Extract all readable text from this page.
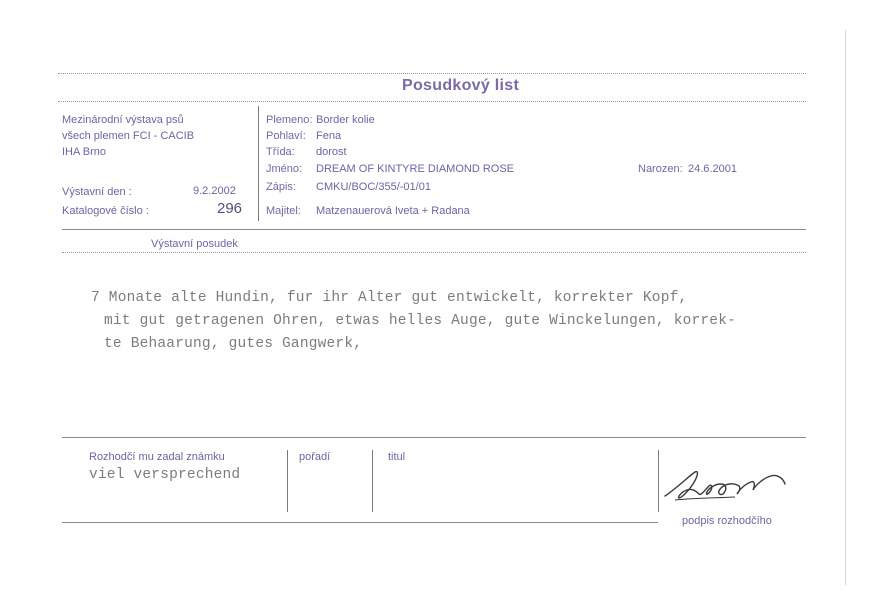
Posudkový list
Mezinárodní výstava psů
všech plemen FCI - CACIB
IHA Brno
Výstavní den :	9.2.2002
Katalogové číslo :	296
Plemeno: Border kolie
Pohlaví: Fena
Třída: dorost
Jméno: DREAM OF KINTYRE DIAMOND ROSE	Narozen: 24.6.2001
Zápis: CMKU/BOC/355/-01/01
Majitel: Matzenauerová Iveta + Radana
Výstavní posudek
7 Monate alte Hundin, fur ihr Alter gut entwickelt, korrekter Kopf,
mit gut getragenen Ohren, etwas helles Auge, gute Winckelungen, korrek-
te Behaarung, gutes Gangwerk,
Rozhodčí mu zadal známku
viel versprechend
pořadí	titul
podpis rozhodčího
